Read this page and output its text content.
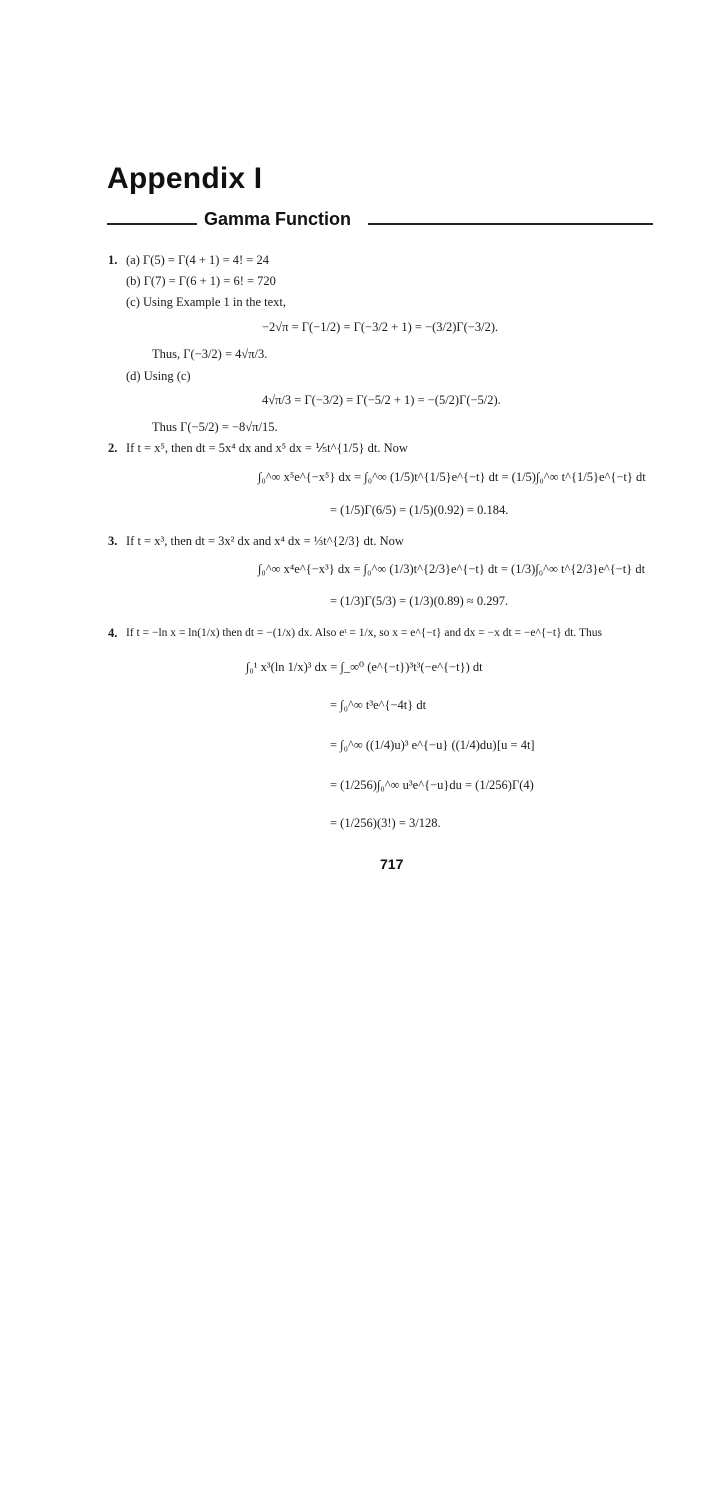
Appendix I
Gamma Function
1. (a) Γ(5) = Γ(4 + 1) = 4! = 24
(b) Γ(7) = Γ(6 + 1) = 6! = 720
(c) Using Example 1 in the text,
−2√π = Γ(−1/2) = Γ(−3/2 + 1) = −(3/2)Γ(−3/2).
Thus, Γ(−3/2) = 4√π/3.
(d) Using (c)
4√π/3 = Γ(−3/2) = Γ(−5/2 + 1) = −(5/2)Γ(−5/2).
Thus Γ(−5/2) = −8√π/15.
2. If t = x⁵, then dt = 5x⁴ dx and x⁵ dx = ⅕t^{1/5} dt. Now
∫₀^∞ x⁵e^{−x⁵} dx = ∫₀^∞ (1/5)t^{1/5}e^{−t} dt = (1/5)∫₀^∞ t^{1/5}e^{−t} dt
= (1/5)Γ(6/5) = (1/5)(0.92) = 0.184.
3. If t = x³, then dt = 3x² dx and x⁴ dx = ⅓t^{2/3} dt. Now
∫₀^∞ x⁴e^{−x³} dx = ∫₀^∞ (1/3)t^{2/3}e^{−t} dt = (1/3)∫₀^∞ t^{2/3}e^{−t} dt
= (1/3)Γ(5/3) = (1/3)(0.89) ≈ 0.297.
4. If t = −ln x = ln(1/x) then dt = −(1/x) dx. Also eᵗ = 1/x, so x = e^{−t} and dx = −x dt = −e^{−t} dt. Thus
∫₀¹ x³(ln 1/x)³ dx = ∫_∞⁰ (e^{−t})³t³(−e^{−t}) dt
= ∫₀^∞ t³e^{−4t} dt
= ∫₀^∞ ((1/4)u)³ e^{−u} ((1/4)du) [u = 4t]
= (1/256)∫₀^∞ u³e^{−u}du = (1/256)Γ(4)
= (1/256)(3!) = 3/128.
717
